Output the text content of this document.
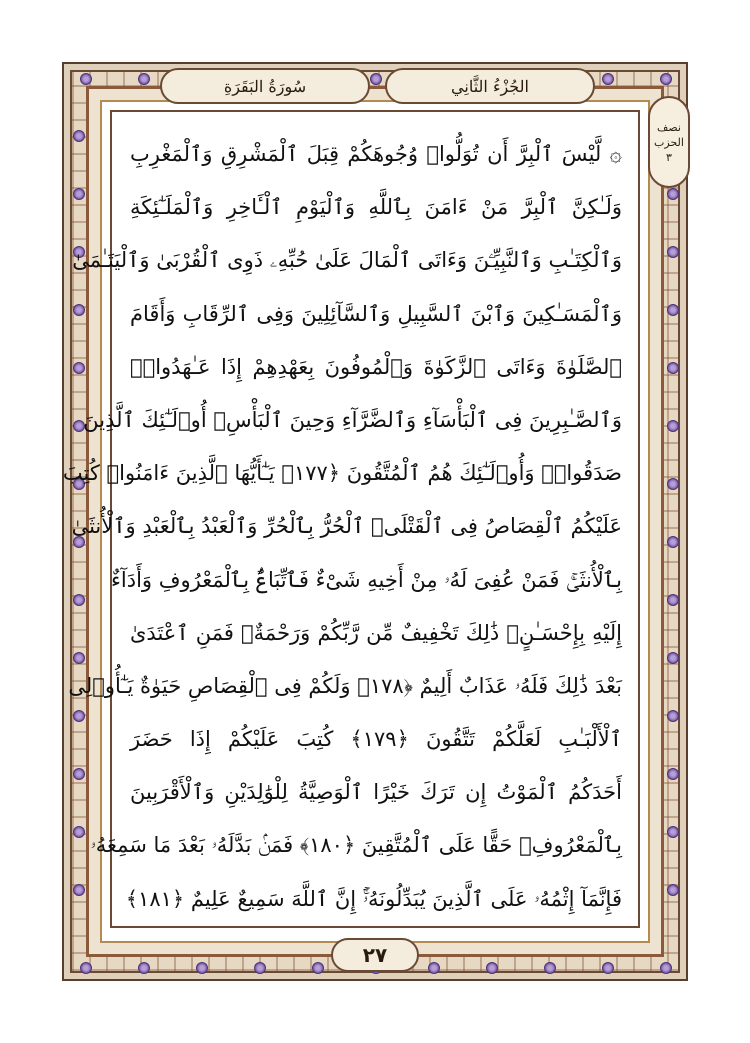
سُورَةُ البَقَرَةِ	الجُزْءُ الثَّانِي
نصف
الحزب
٣
۞ لَّيْسَ ٱلْبِرَّ أَن تُوَلُّوا۟ وُجُوهَكُمْ قِبَلَ ٱلْمَشْرِقِ وَٱلْمَغْرِبِ
وَلَـٰكِنَّ ٱلْبِرَّ مَنْ ءَامَنَ بِٱللَّهِ وَٱلْيَوْمِ ٱلْـَٔاخِرِ وَٱلْمَلَـٰٓئِكَةِ
وَٱلْكِتَـٰبِ وَٱلنَّبِيِّـۧنَ وَءَاتَى ٱلْمَالَ عَلَىٰ حُبِّهِۦ ذَوِى ٱلْقُرْبَىٰ وَٱلْيَتَـٰمَىٰ
وَٱلْمَسَـٰكِينَ وَٱبْنَ ٱلسَّبِيلِ وَٱلسَّآئِلِينَ وَفِى ٱلرِّقَابِ وَأَقَامَ
ٱلصَّلَوٰةَ وَءَاتَى ٱلزَّكَوٰةَ وَٱلْمُوفُونَ بِعَهْدِهِمْ إِذَا عَـٰهَدُوا۟ۖ
وَٱلصَّـٰبِرِينَ فِى ٱلْبَأْسَآءِ وَٱلضَّرَّآءِ وَحِينَ ٱلْبَأْسِۗ أُو۟لَـٰٓئِكَ ٱلَّذِينَ
صَدَقُوا۟ۖ وَأُو۟لَـٰٓئِكَ هُمُ ٱلْمُتَّقُونَ ﴿١٧٧﴾ يَـٰٓأَيُّهَا ٱلَّذِينَ ءَامَنُوا۟ كُتِبَ
عَلَيْكُمُ ٱلْقِصَاصُ فِى ٱلْقَتْلَىۖ ٱلْحُرُّ بِٱلْحُرِّ وَٱلْعَبْدُ بِٱلْعَبْدِ وَٱلْأُنثَىٰ
بِٱلْأُنثَىٰۚ فَمَنْ عُفِىَ لَهُۥ مِنْ أَخِيهِ شَىْءٌ فَٱتِّبَاعٌۢ بِٱلْمَعْرُوفِ وَأَدَآءٌ
إِلَيْهِ بِإِحْسَـٰنٍۗ ذَٰلِكَ تَخْفِيفٌ مِّن رَّبِّكُمْ وَرَحْمَةٌۗ فَمَنِ ٱعْتَدَىٰ
بَعْدَ ذَٰلِكَ فَلَهُۥ عَذَابٌ أَلِيمٌ ﴿١٧٨﴾ وَلَكُمْ فِى ٱلْقِصَاصِ حَيَوٰةٌ يَـٰٓأُو۟لِى
ٱلْأَلْبَـٰبِ لَعَلَّكُمْ تَتَّقُونَ ﴿١٧٩﴾ كُتِبَ عَلَيْكُمْ إِذَا حَضَرَ
أَحَدَكُمُ ٱلْمَوْتُ إِن تَرَكَ خَيْرًا ٱلْوَصِيَّةُ لِلْوَٰلِدَيْنِ وَٱلْأَقْرَبِينَ
بِٱلْمَعْرُوفِۖ حَقًّا عَلَى ٱلْمُتَّقِينَ ﴿١٨٠﴾ فَمَنۢ بَدَّلَهُۥ بَعْدَ مَا سَمِعَهُۥ
فَإِنَّمَآ إِثْمُهُۥ عَلَى ٱلَّذِينَ يُبَدِّلُونَهُۥٓۚ إِنَّ ٱللَّهَ سَمِيعٌ عَلِيمٌ ﴿١٨١﴾
٢٧
